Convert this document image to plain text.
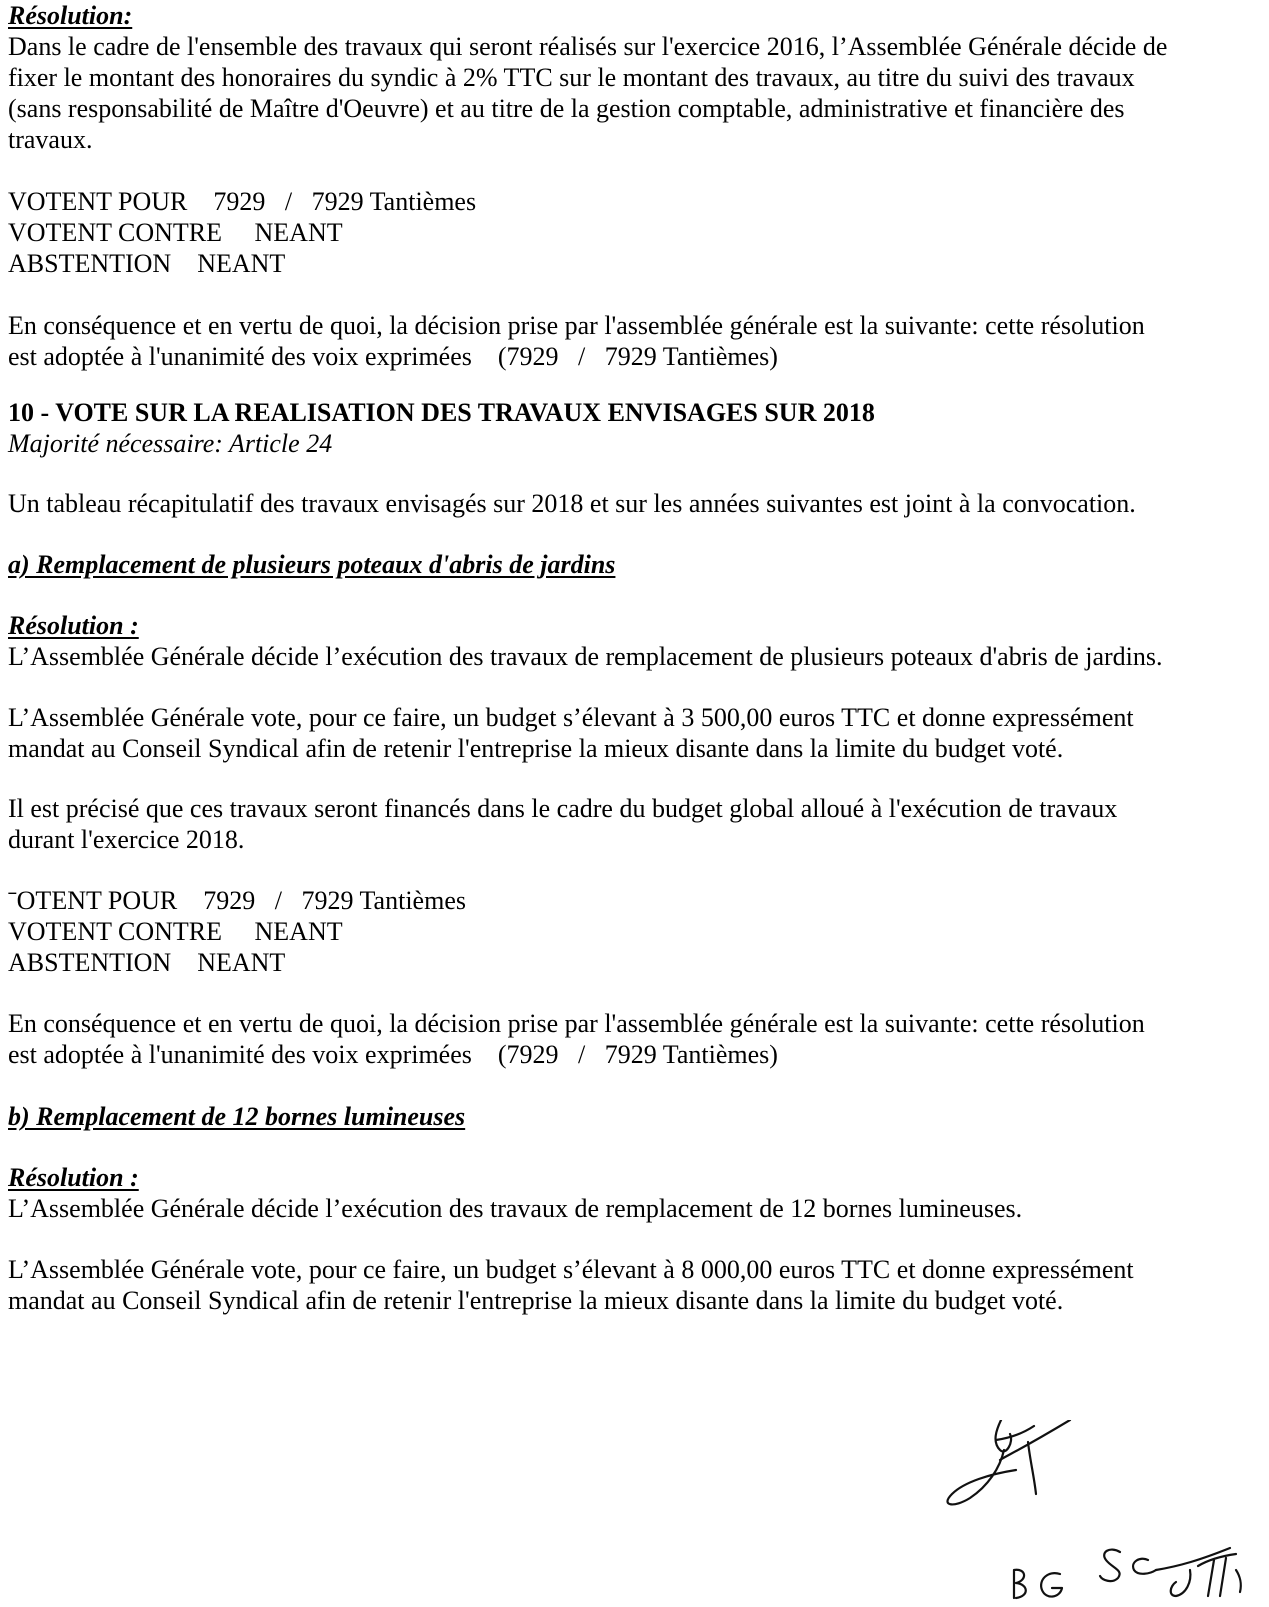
Résolution:

Dans le cadre de l'ensemble des travaux qui seront réalisés sur l'exercice 2016, l’Assemblée Générale décide de

fixer le montant des honoraires du syndic à 2% TTC sur le montant des travaux, au titre du suivi des travaux

(sans responsabilité de Maître d'Oeuvre) et au titre de la gestion comptable, administrative et financière des

travaux.

VOTENT POUR    7929   /   7929 Tantièmes

VOTENT CONTRE     NEANT

ABSTENTION    NEANT

En conséquence et en vertu de quoi, la décision prise par l'assemblée générale est la suivante: cette résolution

est adoptée à l'unanimité des voix exprimées    (7929   /   7929 Tantièmes)

10 - VOTE SUR LA REALISATION DES TRAVAUX ENVISAGES SUR 2018

Majorité nécessaire: Article 24

Un tableau récapitulatif des travaux envisagés sur 2018 et sur les années suivantes est joint à la convocation.

a) Remplacement de plusieurs poteaux d'abris de jardins

Résolution :

L’Assemblée Générale décide l’exécution des travaux de remplacement de plusieurs poteaux d'abris de jardins.

L’Assemblée Générale vote, pour ce faire, un budget s’élevant à 3 500,00 euros TTC et donne expressément

mandat au Conseil Syndical afin de retenir l'entreprise la mieux disante dans la limite du budget voté.

Il est précisé que ces travaux seront financés dans le cadre du budget global alloué à l'exécution de travaux

durant l'exercice 2018.

ˉOTENT POUR    7929   /   7929 Tantièmes

VOTENT CONTRE     NEANT

ABSTENTION    NEANT

En conséquence et en vertu de quoi, la décision prise par l'assemblée générale est la suivante: cette résolution

est adoptée à l'unanimité des voix exprimées    (7929   /   7929 Tantièmes)

b) Remplacement de 12 bornes lumineuses

Résolution :

L’Assemblée Générale décide l’exécution des travaux de remplacement de 12 bornes lumineuses.

L’Assemblée Générale vote, pour ce faire, un budget s’élevant à 8 000,00 euros TTC et donne expressément

mandat au Conseil Syndical afin de retenir l'entreprise la mieux disante dans la limite du budget voté.
